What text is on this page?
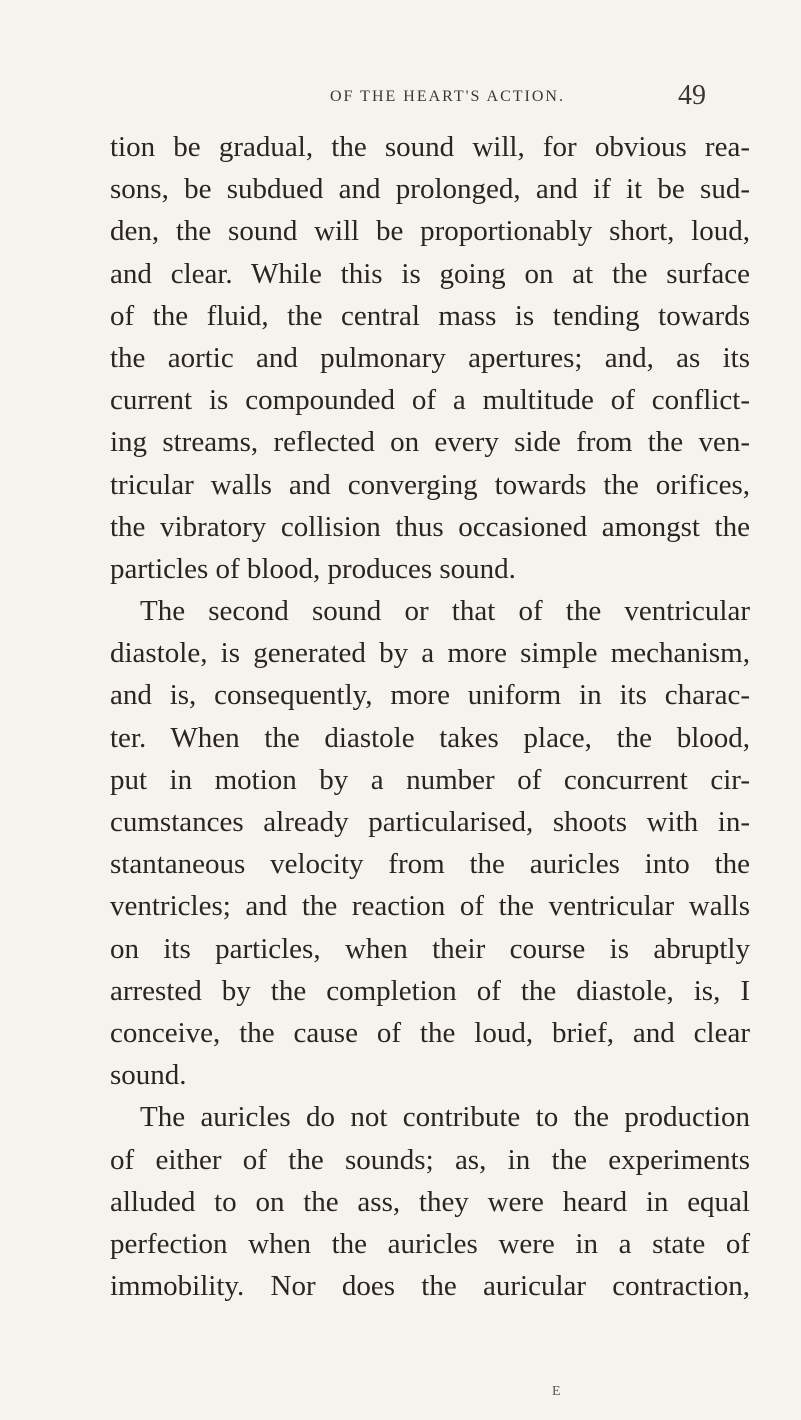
OF THE HEART'S ACTION.	49
tion be gradual, the sound will, for obvious rea-
sons, be subdued and prolonged, and if it be sud-
den, the sound will be proportionably short, loud,
and clear. While this is going on at the surface
of the fluid, the central mass is tending towards
the aortic and pulmonary apertures; and, as its
current is compounded of a multitude of conflict-
ing streams, reflected on every side from the ven-
tricular walls and converging towards the orifices,
the vibratory collision thus occasioned amongst the
particles of blood, produces sound.
The second sound or that of the ventricular
diastole, is generated by a more simple mechanism,
and is, consequently, more uniform in its charac-
ter. When the diastole takes place, the blood,
put in motion by a number of concurrent cir-
cumstances already particularised, shoots with in-
stantaneous velocity from the auricles into the
ventricles; and the reaction of the ventricular walls
on its particles, when their course is abruptly
arrested by the completion of the diastole, is, I
conceive, the cause of the loud, brief, and clear
sound.
The auricles do not contribute to the production
of either of the sounds; as, in the experiments
alluded to on the ass, they were heard in equal
perfection when the auricles were in a state of
immobility. Nor does the auricular contraction,
E
